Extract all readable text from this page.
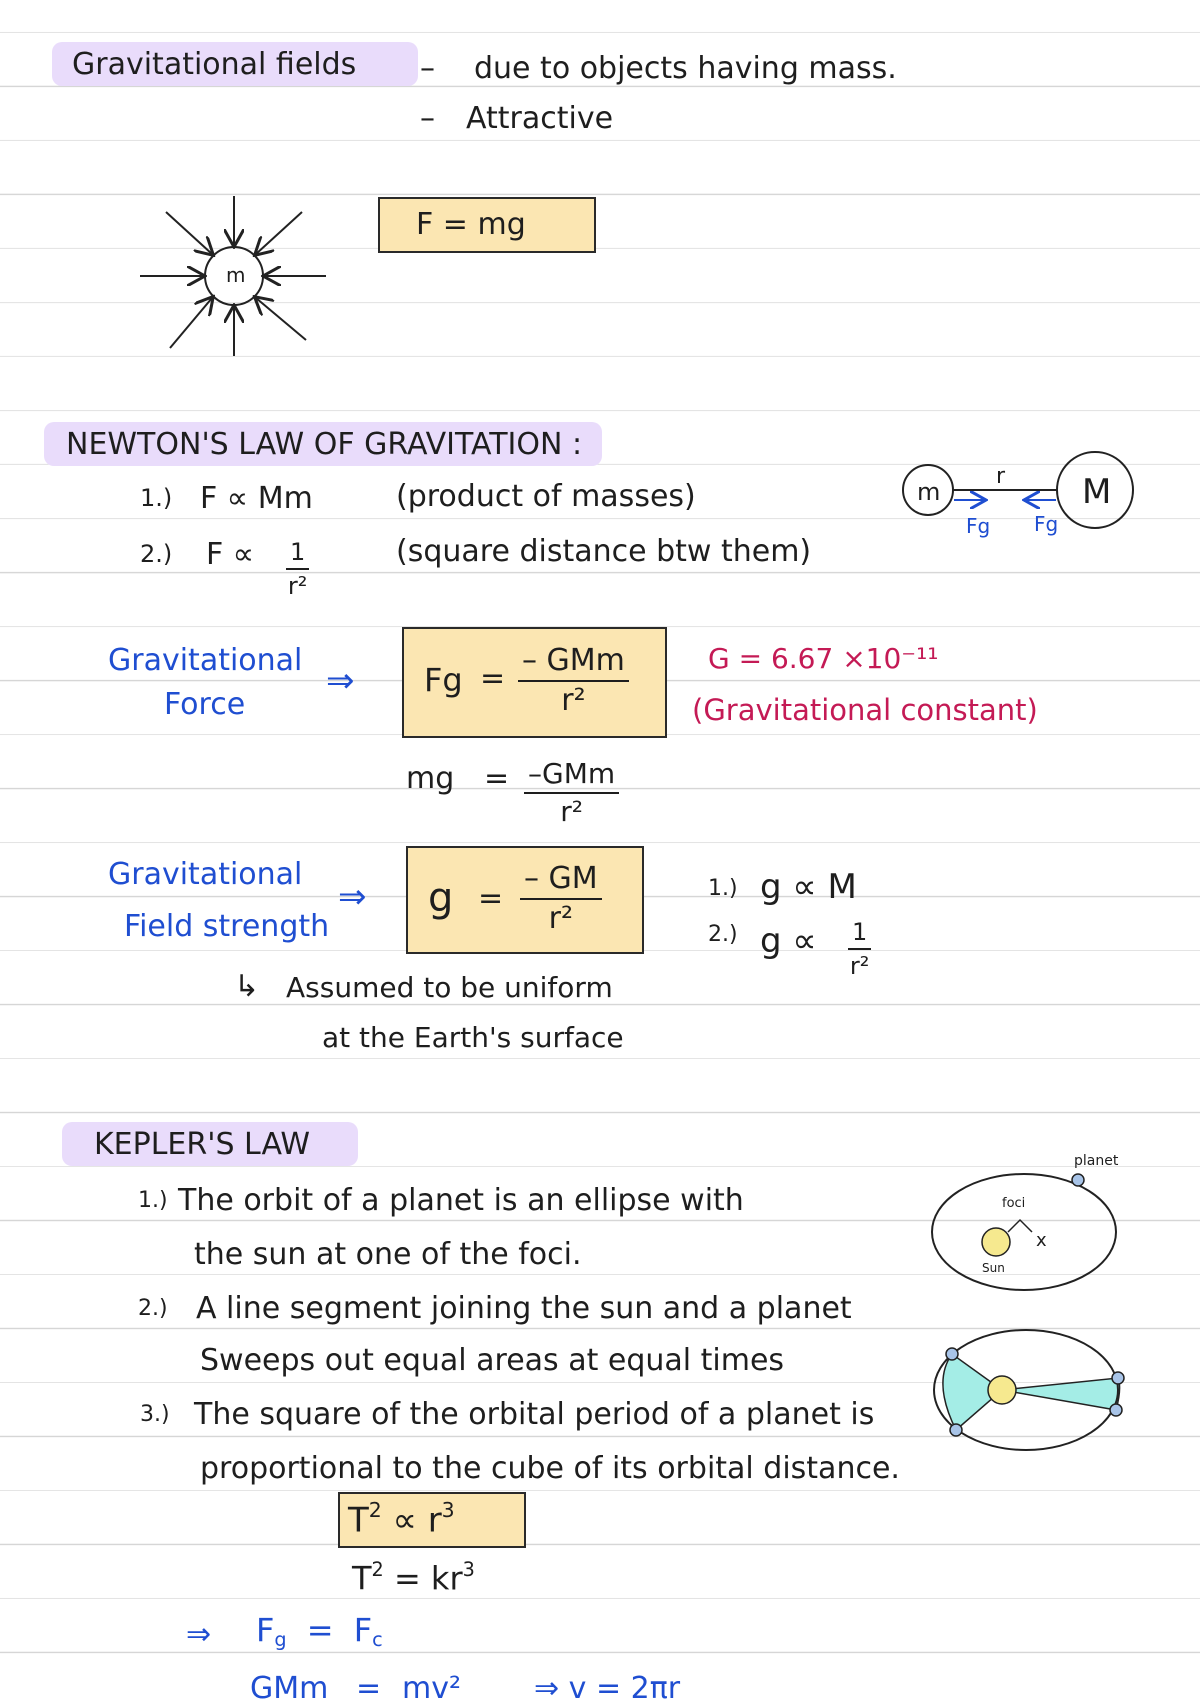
Gravitational fields – due to objects having mass.
– Attractive
m
F = mg
NEWTON'S LAW OF GRAVITATION :
1.) F ∝ Mm	(product of masses)
2.) $F \propto \frac{1}{\text{r²}}$	(square distance btw them)
m	M
r
Fg Fg
Gravitational
Force
⇒ Fg =
– GMm
r²
G = 6.67 ×10⁻¹¹
(Gravitational constant)
mg = –GMm
r²
Gravitational
Field strength
⇒ $g = \frac{- GM}{\text{r²}}$	1.) g ∝ M
2.) $g \propto \frac{1}{\text{r²}}$
↳ Assumed to be uniform
at the Earth's surface
KEPLER'S LAW
1.) The orbit of a planet is an ellipse with
the sun at one of the foci.
2.) A line segment joining the sun and a planet
Sweeps out equal areas at equal times
3.) The square of the orbital period of a planet is
proportional to the cube of its orbital distance.
planet
foci
Sun
x
$T^2 \propto r^3$
$T^2 = kr^3$
⇒ $F_g = F_c$
GMm = mv² ⇒ v = 2πr
